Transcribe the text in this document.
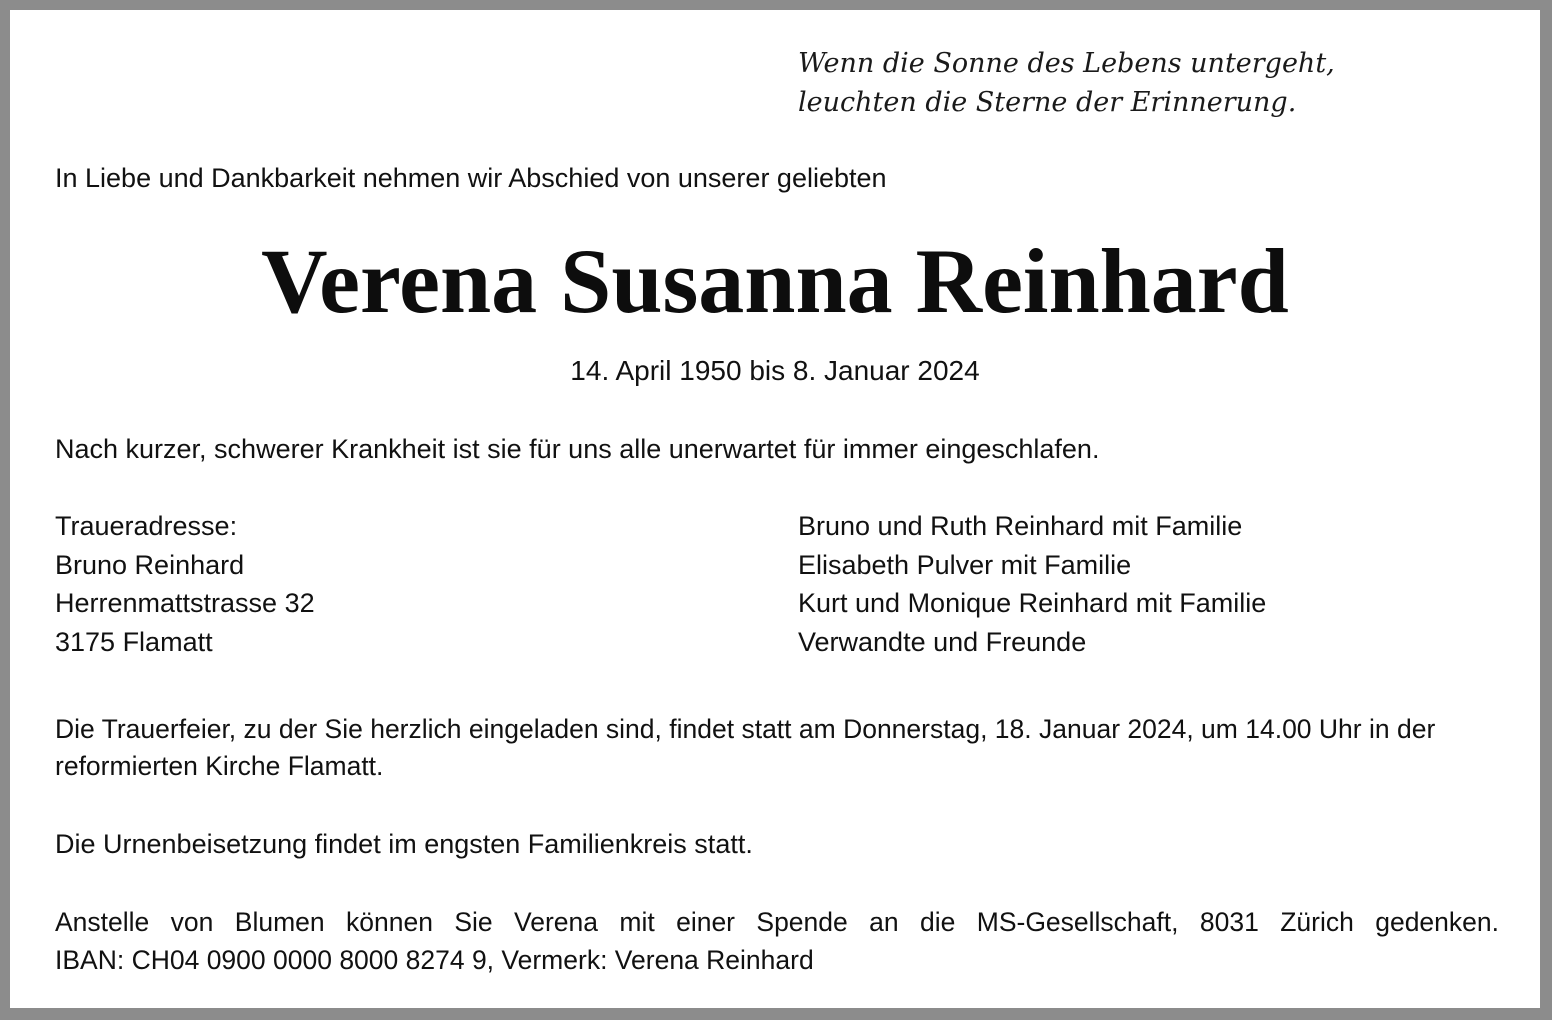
Wenn die Sonne des Lebens untergeht,
leuchten die Sterne der Erinnerung.

In Liebe und Dankbarkeit nehmen wir Abschied von unserer geliebten

Verena Susanna Reinhard

14. April 1950 bis 8. Januar 2024

Nach kurzer, schwerer Krankheit ist sie für uns alle unerwartet für immer eingeschlafen.

Traueradresse:
Bruno Reinhard
Herrenmattstrasse 32
3175 Flamatt
Bruno und Ruth Reinhard mit Familie
Elisabeth Pulver mit Familie
Kurt und Monique Reinhard mit Familie
Verwandte und Freunde

Die Trauerfeier, zu der Sie herzlich eingeladen sind, findet statt am Donnerstag, 18. Januar 2024, um 14.00 Uhr in der reformierten Kirche Flamatt.

Die Urnenbeisetzung findet im engsten Familienkreis statt.

Anstelle von Blumen können Sie Verena mit einer Spende an die MS-Gesellschaft, 8031 Zürich gedenken.
IBAN: CH04 0900 0000 8000 8274 9, Vermerk: Verena Reinhard
